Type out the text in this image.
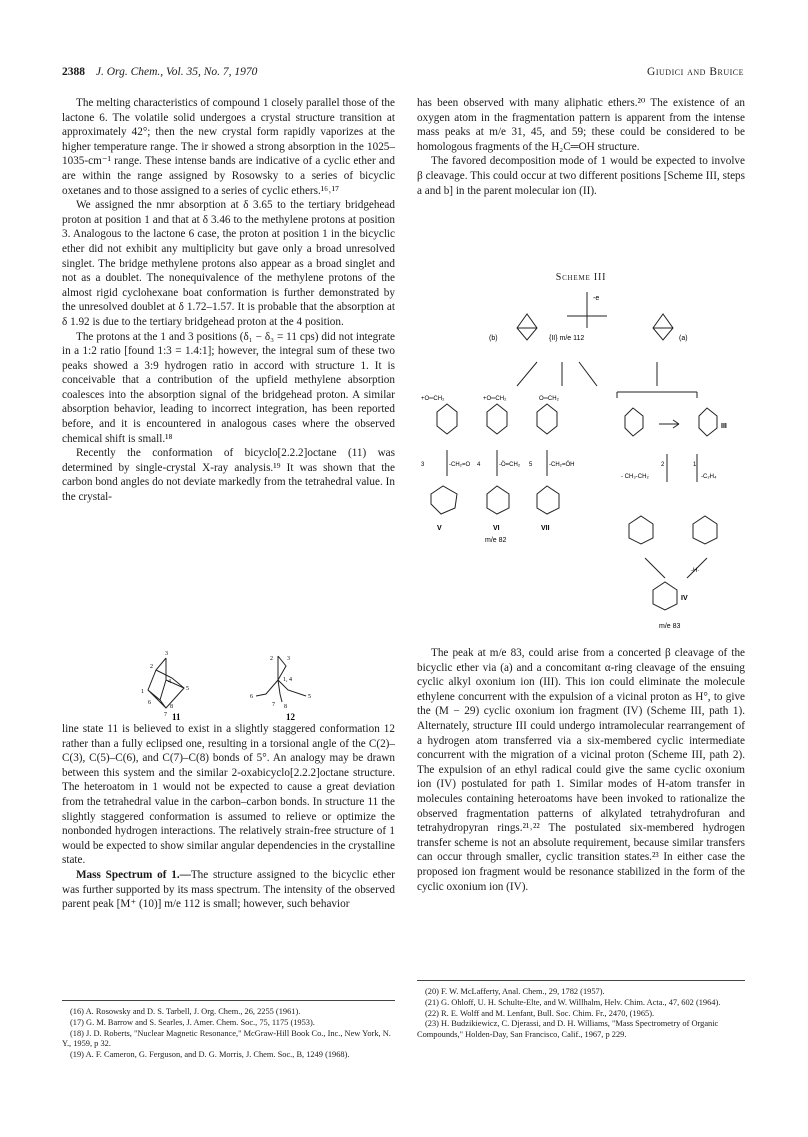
2388 J. Org. Chem., Vol. 35, No. 7, 1970	Giudici and Bruice

The melting characteristics of compound 1 closely parallel those of the lactone 6. The volatile solid undergoes a crystal structure transition at approximately 42°; then the new crystal form rapidly vaporizes at the higher temperature range. The ir showed a strong absorption in the 1025–1035-cm⁻¹ range. These intense bands are indicative of a cyclic ether and are within the range assigned by Rosowsky to a series of bicyclic oxetanes and to those assigned to a series of cyclic ethers.¹⁶˒¹⁷

We assigned the nmr absorption at δ 3.65 to the tertiary bridgehead proton at position 1 and that at δ 3.46 to the methylene protons at position 3. Analogous to the lactone 6 case, the proton at position 1 in the bicyclic ether did not exhibit any multiplicity but gave only a broad unresolved singlet. The bridge methylene protons also appear as a broad singlet and not as a doublet. The nonequivalence of the methylene protons of the almost rigid cyclohexane boat conformation is further demonstrated by the unresolved doublet at δ 1.72–1.57. It is probable that the absorption at δ 1.92 is due to the tertiary bridgehead proton at the 4 position.

The protons at the 1 and 3 positions (δ₁ − δ₃ = 11 cps) did not integrate in a 1:2 ratio [found 1:3 = 1.4:1]; however, the integral sum of these two peaks showed a 3:9 hydrogen ratio in accord with structure 1. It is conceivable that a contribution of the upfield methylene absorption coalesces into the absorption signal of the bridgehead proton. A similar absorption behavior, leading to incorrect integration, has been reported before, and it is encountered in analogous cases where the observed chemical shift is small.¹⁸

Recently the conformation of bicyclo[2.2.2]octane (11) was determined by single-crystal X-ray analysis.¹⁹ It was shown that the carbon bond angles do not deviate markedly from the tetrahedral value. In the crystal-

3
2
4
5
1
6
7
8
2 3
1, 4
5
6
7 8
11	12

line state 11 is believed to exist in a slightly staggered conformation 12 rather than a fully eclipsed one, resulting in a torsional angle of the C(2)–C(3), C(5)–C(6), and C(7)–C(8) bonds of 5°. An analogy may be drawn between this system and the similar 2-oxabicyclo[2.2.2]octane structure. The heteroatom in 1 would not be expected to cause a great deviation from the tetrahedral value in the carbon–carbon bonds. In structure 11 the slightly staggered conformation is assumed to relieve or optimize the nonbonded hydrogen interactions. The relatively strain-free structure of 1 would be expected to show similar angular dependencies in the crystalline state.

Mass Spectrum of 1.—The structure assigned to the bicyclic ether was further supported by its mass spectrum. The intensity of the observed parent peak [M⁺ (10)] m/e 112 is small; however, such behavior

(16) A. Rosowsky and D. S. Tarbell, J. Org. Chem., 26, 2255 (1961).
(17) G. M. Barrow and S. Searles, J. Amer. Chem. Soc., 75, 1175 (1953).
(18) J. D. Roberts, "Nuclear Magnetic Resonance," McGraw-Hill Book Co., Inc., New York, N. Y., 1959, p 32.
(19) A. F. Cameron, G. Ferguson, and D. G. Morris, J. Chem. Soc., B, 1249 (1968).

has been observed with many aliphatic ethers.²⁰ The existence of an oxygen atom in the fragmentation pattern is apparent from the intense mass peaks at m/e 31, 45, and 59; these could be considered to be homologous fragments of the H₂C═OH structure.

The favored decomposition mode of 1 would be expected to involve β cleavage. This could occur at two different positions [Scheme III, steps a and b] in the parent molecular ion (II).

Scheme III
-e
{II} m/e 112
(b)	(a)
+O═CH₂	+O═CH₂	O═CH₂
III
3	-CH₂=O 4	-Ö=CH₂ 5	-CH₂=ÖH	2	1
- CH₃-CH₂	-C₂H₄
V	VI	VII
m/e 82
-H·
IV
m/e 83

The peak at m/e 83, could arise from a concerted β cleavage of the bicyclic ether via (a) and a concomitant α-ring cleavage of the ensuing cyclic alkyl oxonium ion (III). This ion could eliminate the molecule ethylene concurrent with the expulsion of a vicinal proton as H°, to give the (M − 29) cyclic oxonium ion fragment (IV) (Scheme III, path 1). Alternately, structure III could undergo intramolecular rearrangement of a hydrogen atom transferred via a six-membered cyclic intermediate concurrent with the migration of a vicinal proton (Scheme III, path 2). The expulsion of an ethyl radical could give the same cyclic oxonium ion (IV) postulated for path 1. Similar modes of H-atom transfer in molecules containing heteroatoms have been invoked to rationalize the observed fragmentation patterns of alkylated tetrahydrofuran and tetrahydropyran rings.²¹˒²² The postulated six-membered hydrogen transfer scheme is not an absolute requirement, because similar transfers can occur through smaller, cyclic transition states.²³ In either case the proposed ion fragment would be resonance stabilized in the form of the cyclic oxonium ion (IV).

(20) F. W. McLafferty, Anal. Chem., 29, 1782 (1957).
(21) G. Ohloff, U. H. Schulte-Elte, and W. Willhalm, Helv. Chim. Acta., 47, 602 (1964).
(22) R. E. Wolff and M. Lenfant, Bull. Soc. Chim. Fr., 2470, (1965).
(23) H. Budzikiewicz, C. Djerassi, and D. H. Williams, "Mass Spectrometry of Organic Compounds," Holden-Day, San Francisco, Calif., 1967, p 229.
